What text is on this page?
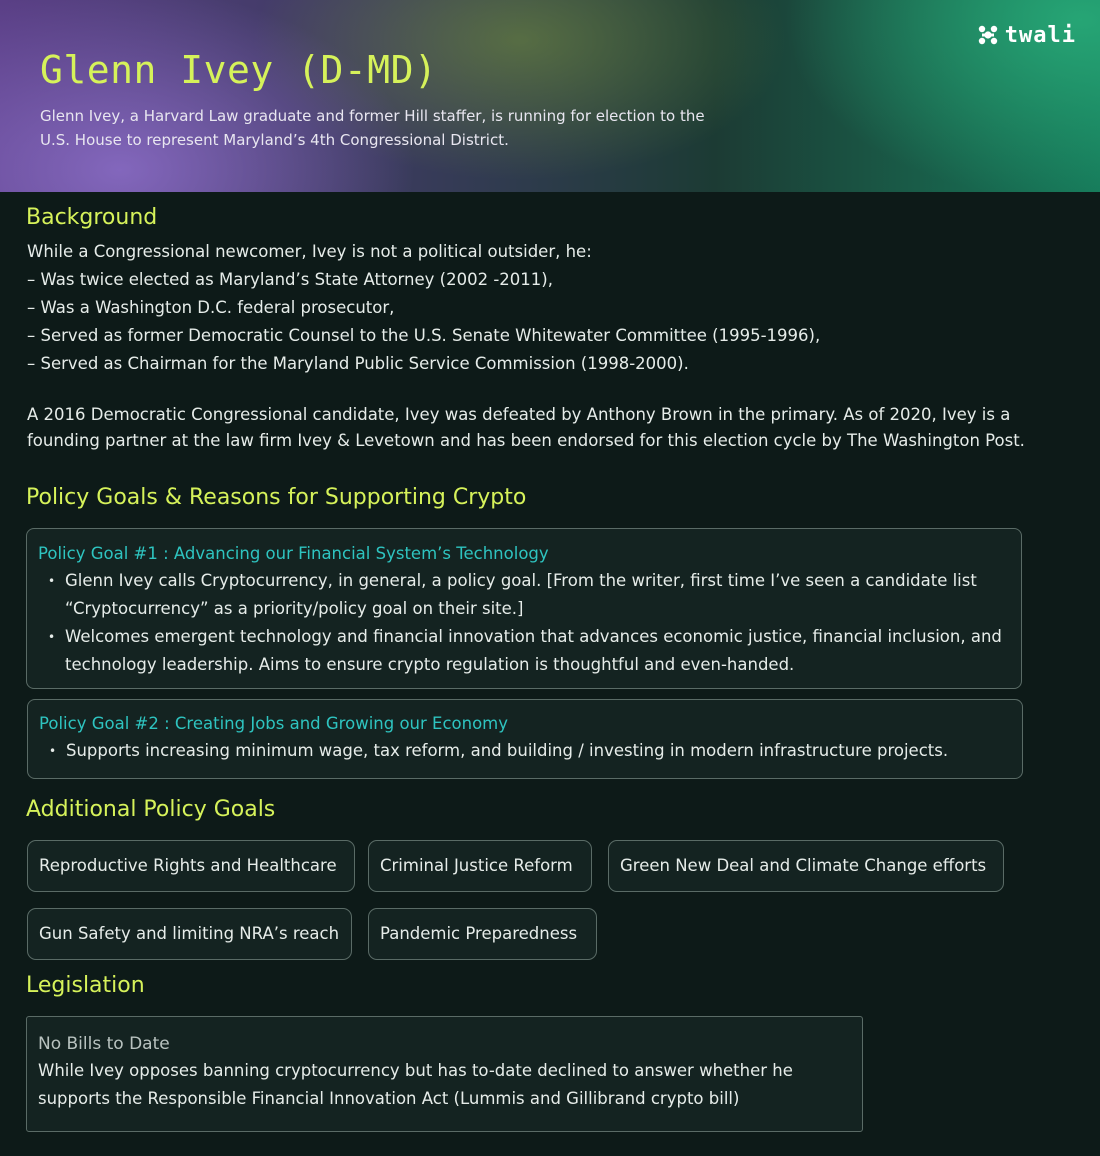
Glenn Ivey (D-MD)
Glenn Ivey, a Harvard Law graduate and former Hill staffer, is running for election to the U.S. House to represent Maryland’s 4th Congressional District.
twali
Background
While a Congressional newcomer, Ivey is not a political outsider, he:
– Was twice elected as Maryland’s State Attorney (2002 -2011),
– Was a Washington D.C. federal prosecutor,
– Served as former Democratic Counsel to the U.S. Senate Whitewater Committee (1995-1996),
– Served as Chairman for the Maryland Public Service Commission (1998-2000).
A 2016 Democratic Congressional candidate, Ivey was defeated by Anthony Brown in the primary. As of 2020, Ivey is a founding partner at the law firm Ivey & Levetown and has been endorsed for this election cycle by The Washington Post.
Policy Goals & Reasons for Supporting Crypto
Policy Goal #1 : Advancing our Financial System’s Technology
• Glenn Ivey calls Cryptocurrency, in general, a policy goal. [From the writer, first time I’ve seen a candidate list “Cryptocurrency” as a priority/policy goal on their site.]
• Welcomes emergent technology and financial innovation that advances economic justice, financial inclusion, and technology leadership. Aims to ensure crypto regulation is thoughtful and even-handed.
Policy Goal #2 : Creating Jobs and Growing our Economy
• Supports increasing minimum wage, tax reform, and building / investing in modern infrastructure projects.
Additional Policy Goals
Reproductive Rights and Healthcare	Criminal Justice Reform	Green New Deal and Climate Change efforts
Gun Safety and limiting NRA’s reach	Pandemic Preparedness
Legislation
No Bills to Date
While Ivey opposes banning cryptocurrency but has to-date declined to answer whether he supports the Responsible Financial Innovation Act (Lummis and Gillibrand crypto bill)
